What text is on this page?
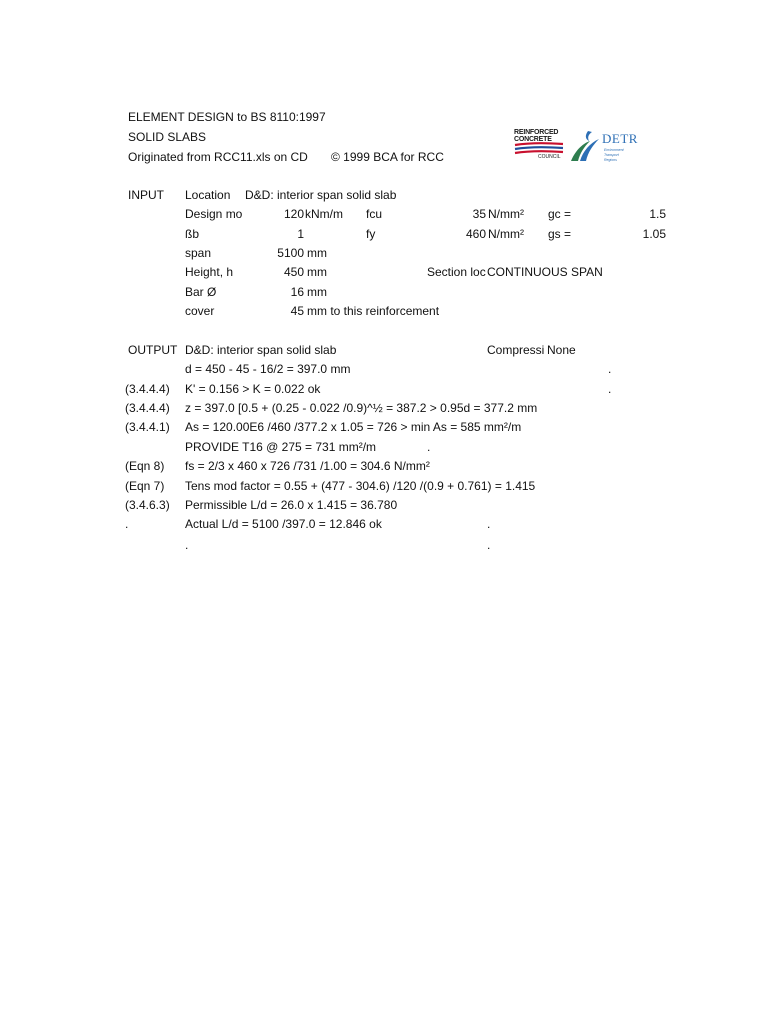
ELEMENT DESIGN to BS 8110:1997
SOLID SLABS
Originated from RCC11.xls on CD © 1999 BCA for RCC
REINFORCED
CONCRETE
COUNCIL
DETR
Environment
Transport
Regions
INPUT Location D&D: interior span solid slab
Design mo	120 kNm/m fcu	35 N/mm² gc =	1.5
ßb	1	fy	460 N/mm² gs =	1.05
span	5100 mm
Height, h	450 mm	Section loc CONTINUOUS SPAN
Bar Ø	16 mm
cover	45 mm to this reinforcement
OUTPUT D&D: interior span solid slab	Compressi None
d = 450 - 45 - 16/2 = 397.0 mm	.
(3.4.4.4) K' = 0.156 > K = 0.022 ok	.
(3.4.4.4) z = 397.0 [0.5 + (0.25 - 0.022 /0.9)^½ = 387.2 > 0.95d = 377.2 mm
(3.4.4.1) As = 120.00E6 /460 /377.2 x 1.05 = 726 > min As = 585 mm²/m
PROVIDE T16 @ 275 = 731 mm²/m	.
(Eqn 8) fs = 2/3 x 460 x 726 /731 /1.00 = 304.6 N/mm²
(Eqn 7) Tens mod factor = 0.55 + (477 - 304.6) /120 /(0.9 + 0.761) = 1.415
(3.4.6.3) Permissible L/d = 26.0 x 1.415 = 36.780
.	Actual L/d = 5100 /397.0 = 12.846 ok	.
.	.
